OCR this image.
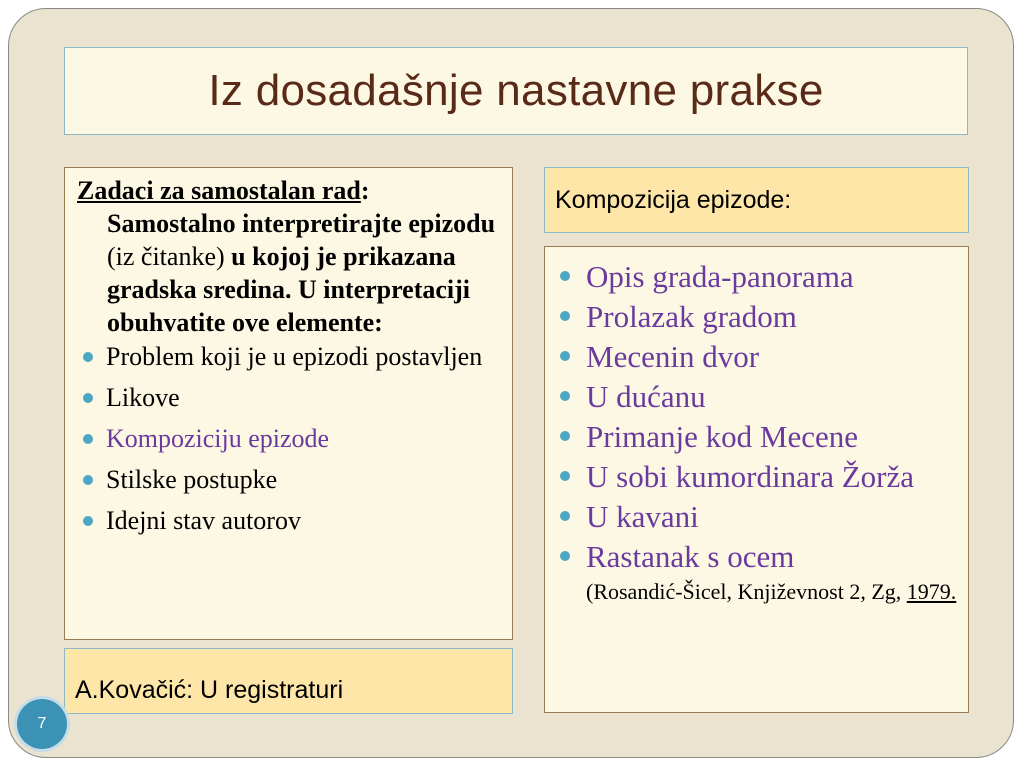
Iz dosadašnje nastavne prakse
Zadaci za samostalan rad: Samostalno interpretirajte epizodu (iz čitanke) u kojoj je prikazana gradska sredina. U interpretaciji obuhvatite ove elemente:
Problem koji je u epizodi postavljen
Likove
Kompoziciju epizode
Stilske postupke
Idejni stav autorov
Kompozicija epizode:
Opis grada-panorama
Prolazak gradom
Mecenin dvor
U dućanu
Primanje kod Mecene
U sobi kumordinara Žorža
U kavani
Rastanak s ocem
(Rosandić-Šicel, Književnost 2, Zg, 1979.
A.Kovačić: U registraturi
7
